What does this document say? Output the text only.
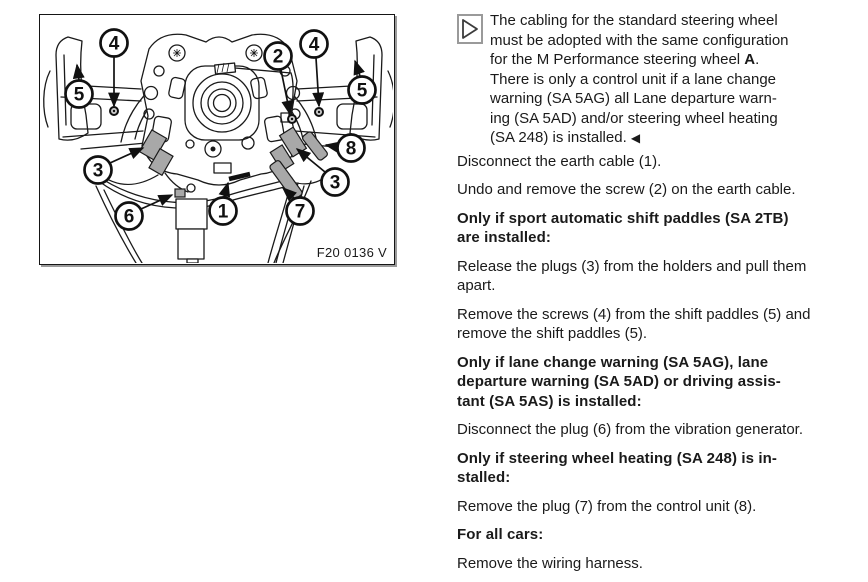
4
5
2
4
5
3
8
3
6	1	7
F20 0136 V
The cabling for the standard steering wheel
must be adopted with the same configuration
for the M Performance steering wheel A.
There is only a control unit if a lane change
warning (SA 5AG) all Lane departure warn-
ing (SA 5AD) and/or steering wheel heating
(SA 248) is installed. ◀
Disconnect the earth cable (1).
Undo and remove the screw (2) on the earth cable.
Only if sport automatic shift paddles (SA 2TB)
are installed:
Release the plugs (3) from the holders and pull them
apart.
Remove the screws (4) from the shift paddles (5) and
remove the shift paddles (5).
Only if lane change warning (SA 5AG), lane
departure warning (SA 5AD) or driving assis-
tant (SA 5AS) is installed:
Disconnect the plug (6) from the vibration generator.
Only if steering wheel heating (SA 248) is in-
stalled:
Remove the plug (7) from the control unit (8).
For all cars:
Remove the wiring harness.
